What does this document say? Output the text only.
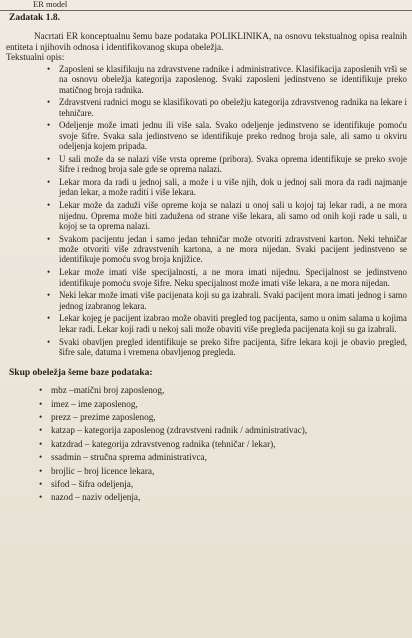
ER model
Zadatak 1.8.

Nacrtati ER konceptualnu šemu baze podataka POLIKLINIKA, na osnovu tekstualnog opisa realnih entiteta i njihovih odnosa i identifikovanog skupa obeležja.

Tekstualni opis:
• Zaposleni se klasifikuju na zdravstvene radnike i administrativce. Klasifikacija zaposlenih vrši se na osnovu obeležja kategorija zaposlenog. Svaki zaposleni jedinstveno se identifikuje preko matičnog broja radnika.
• Zdravstveni radnici mogu se klasifikovati po obeležju kategorija zdravstvenog radnika na lekare i tehničare.
• Odeljenje može imati jednu ili više sala. Svako odeljenje jedinstveno se identifikuje pomoću svoje šifre. Svaka sala jedinstveno se identifikuje preko rednog broja sale, ali samo u okviru odeljenja kojem pripada.
• U sali može da se nalazi više vrsta opreme (pribora). Svaka oprema identifikuje se preko svoje šifre i rednog broja sale gde se oprema nalazi.
• Lekar mora da radi u jednoj sali, a može i u više njih, dok u jednoj sali mora da radi najmanje jedan lekar, a može raditi i više lekara.
• Lekar može da zaduži više opreme koja se nalazi u onoj sali u kojoj taj lekar radi, a ne mora nijednu. Oprema može biti zadužena od strane više lekara, ali samo od onih koji rade u sali, u kojoj se ta oprema nalazi.
• Svakom pacijentu jedan i samo jedan tehničar može otvoriti zdravstveni karton. Neki tehničar može otvoriti više zdravstvenih kartona, a ne mora nijedan. Svaki pacijent jedinstveno se identifikuje pomoću svog broja knjižice.
• Lekar može imati više specijalnosti, a ne mora imati nijednu. Specijalnost se jedinstveno identifikuje pomoću svoje šifre. Neku specijalnost može imati više lekara, a ne mora nijedan.
• Neki lekar može imati više pacijenata koji su ga izabrali. Svaki pacijent mora imati jednog i samo jednog izabranog lekara.
• Lekar kojeg je pacijent izabrao može obaviti pregled tog pacijenta, samo u onim salama u kojima lekar radi. Lekar koji radi u nekoj sali može obaviti više pregleda pacijenata koji su ga izabrali.
• Svaki obavljen pregled identifikuje se preko šifre pacijenta, šifre lekara koji je obavio pregled, šifre sale, datuma i vremena obavljenog pregleda.
Skup obeležja šeme baze podataka:
• mbz –matični broj zaposlenog,
• imez – ime zaposlenog,
• prezz – prezime zaposlenog,
• katzap – kategorija zaposlenog (zdravstveni radnik / administrativac),
• katzdrad – kategorija zdravstvenog radnika (tehničar / lekar),
• ssadmin – stručna sprema administrativca,
• brojlic – broj licence lekara,
• sifod – šifra odeljenja,
• nazod – naziv odeljenja,
